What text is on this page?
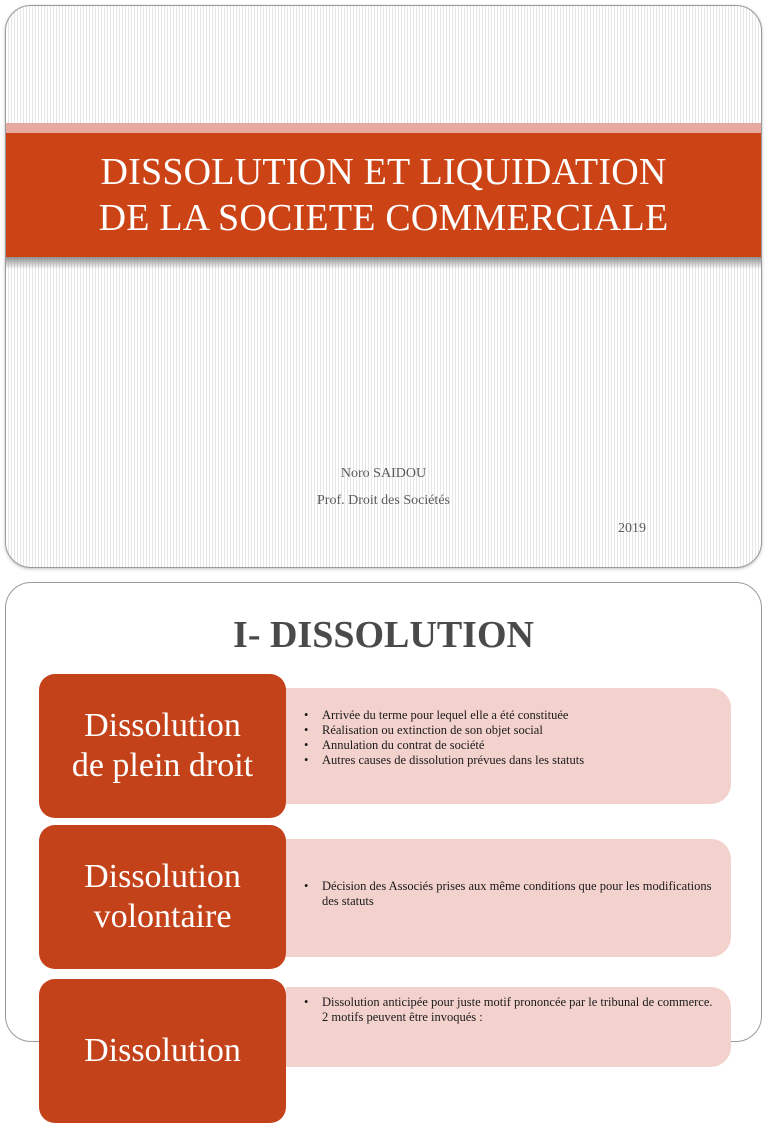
DISSOLUTION ET LIQUIDATION
DE LA SOCIETE COMMERCIALE
Noro SAIDOU
Prof. Droit des Sociétés
2019
I- DISSOLUTION
Dissolution
de plein droit
• Arrivée du terme pour lequel elle a été constituée
• Réalisation ou extinction de son objet social
• Annulation du contrat de société
• Autres causes de dissolution prévues dans les statuts
Dissolution
volontaire
• Décision des Associés prises aux même conditions que pour les modifications des statuts
Dissolution
• Dissolution anticipée pour juste motif prononcée par le tribunal de commerce. 2 motifs peuvent être invoqués :
